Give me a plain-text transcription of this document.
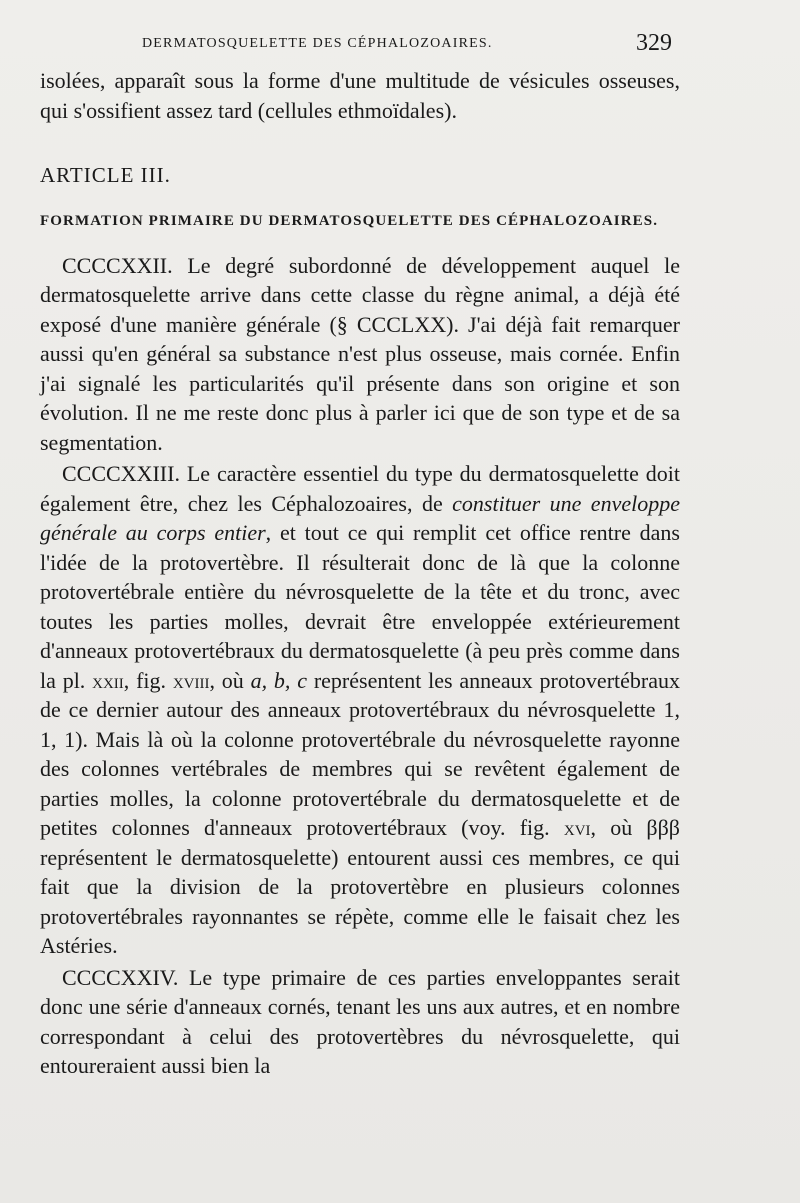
DERMATOSQUELETTE DES CÉPHALOZOAIRES.	329

isolées, apparaît sous la forme d'une multitude de vésicules osseuses, qui s'ossifient assez tard (cellules ethmoïdales).

ARTICLE III.

FORMATION PRIMAIRE DU DERMATOSQUELETTE DES CÉPHALOZOAIRES.

CCCCXXII. Le degré subordonné de développement auquel le dermatosquelette arrive dans cette classe du règne animal, a déjà été exposé d'une manière générale (§ CCCLXX). J'ai déjà fait remarquer aussi qu'en général sa substance n'est plus osseuse, mais cornée. Enfin j'ai signalé les particularités qu'il présente dans son origine et son évolution. Il ne me reste donc plus à parler ici que de son type et de sa segmentation.

CCCCXXIII. Le caractère essentiel du type du dermatosquelette doit également être, chez les Céphalozoaires, de constituer une enveloppe générale au corps entier, et tout ce qui remplit cet office rentre dans l'idée de la protovertèbre. Il résulterait donc de là que la colonne protovertébrale entière du névrosquelette de la tête et du tronc, avec toutes les parties molles, devrait être enveloppée extérieurement d'anneaux protovertébraux du dermatosquelette (à peu près comme dans la pl. xxii, fig. xviii, où a, b, c représentent les anneaux protovertébraux de ce dernier autour des anneaux protovertébraux du névrosquelette 1, 1, 1). Mais là où la colonne protovertébrale du névrosquelette rayonne des colonnes vertébrales de membres qui se revêtent également de parties molles, la colonne protovertébrale du dermatosquelette et de petites colonnes d'anneaux protovertébraux (voy. fig. xvi, où βββ représentent le dermatosquelette) entourent aussi ces membres, ce qui fait que la division de la protovertèbre en plusieurs colonnes protovertébrales rayonnantes se répète, comme elle le faisait chez les Astéries.

CCCCXXIV. Le type primaire de ces parties enveloppantes serait donc une série d'anneaux cornés, tenant les uns aux autres, et en nombre correspondant à celui des protovertèbres du névrosquelette, qui entoureraient aussi bien la
